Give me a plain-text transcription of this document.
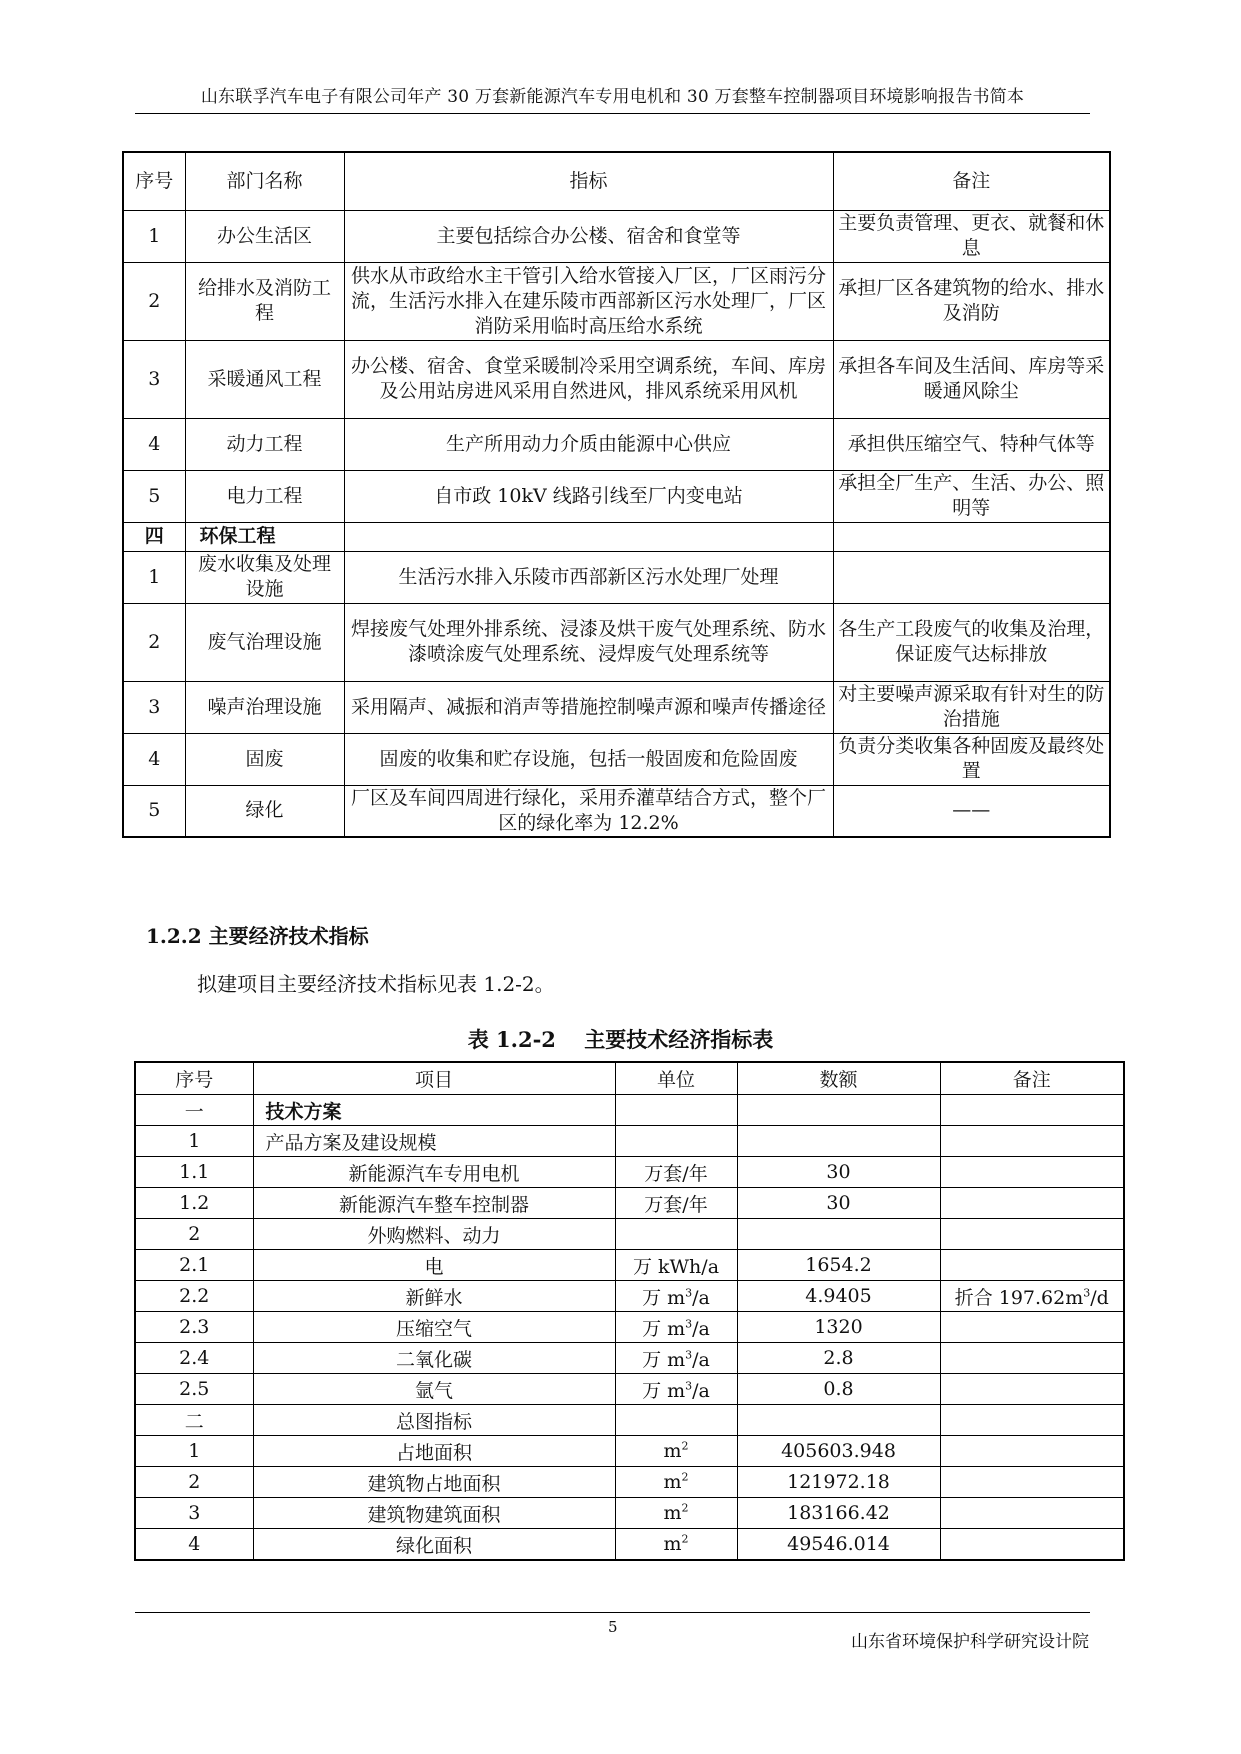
山东联孚汽车电子有限公司年产 30 万套新能源汽车专用电机和 30 万套整车控制器项目环境影响报告书简本
序号	部门名称	指标	备注
1	办公生活区	主要包括综合办公楼、宿舍和食堂等	主要负责管理、更衣、就餐和休息
2	给排水及消防工程	供水从市政给水主干管引入给水管接入厂区，厂区雨污分流，生活污水排入在建乐陵市西部新区污水处理厂，厂区消防采用临时高压给水系统	承担厂区各建筑物的给水、排水及消防
3	采暖通风工程	办公楼、宿舍、食堂采暖制冷采用空调系统，车间、库房及公用站房进风采用自然进风，排风系统采用风机	承担各车间及生活间、库房等采暖通风除尘
4	动力工程	生产所用动力介质由能源中心供应	承担供压缩空气、特种气体等
5	电力工程	自市政 10kV 线路引线至厂内变电站	承担全厂生产、生活、办公、照明等
四	环保工程		
1	废水收集及处理设施	生活污水排入乐陵市西部新区污水处理厂处理	
2	废气治理设施	焊接废气处理外排系统、浸漆及烘干废气处理系统、防水漆喷涂废气处理系统、浸焊废气处理系统等	各生产工段废气的收集及治理，保证废气达标排放
3	噪声治理设施	采用隔声、减振和消声等措施控制噪声源和噪声传播途径	对主要噪声源采取有针对生的防治措施
4	固废	固废的收集和贮存设施，包括一般固废和危险固废	负责分类收集各种固废及最终处置
5	绿化	厂区及车间四周进行绿化，采用乔灌草结合方式，整个厂区的绿化率为 12.2%	——
1.2.2 主要经济技术指标
拟建项目主要经济技术指标见表 1.2-2。
表 1.2-2　 主要技术经济指标表
序号	项目	单位	数额	备注
一	技术方案			
1	产品方案及建设规模			
1.1	新能源汽车专用电机	万套/年	30	
1.2	新能源汽车整车控制器	万套/年	30	
2	外购燃料、动力			
2.1	电	万 kWh/a	1654.2	
2.2	新鲜水	万 $m^3/a$	4.9405	折合 $197.62m^3/d$
2.3	压缩空气	万 $m^3/a$	1320	
2.4	二氧化碳	万 $m^3/a$	2.8	
2.5	氩气	万 $m^3/a$	0.8	
二	总图指标			
1	占地面积	$m^2$	405603.948	
2	建筑物占地面积	$m^2$	121972.18	
3	建筑物建筑面积	$m^2$	183166.42	
4	绿化面积	$m^2$	49546.014	
5
山东省环境保护科学研究设计院
